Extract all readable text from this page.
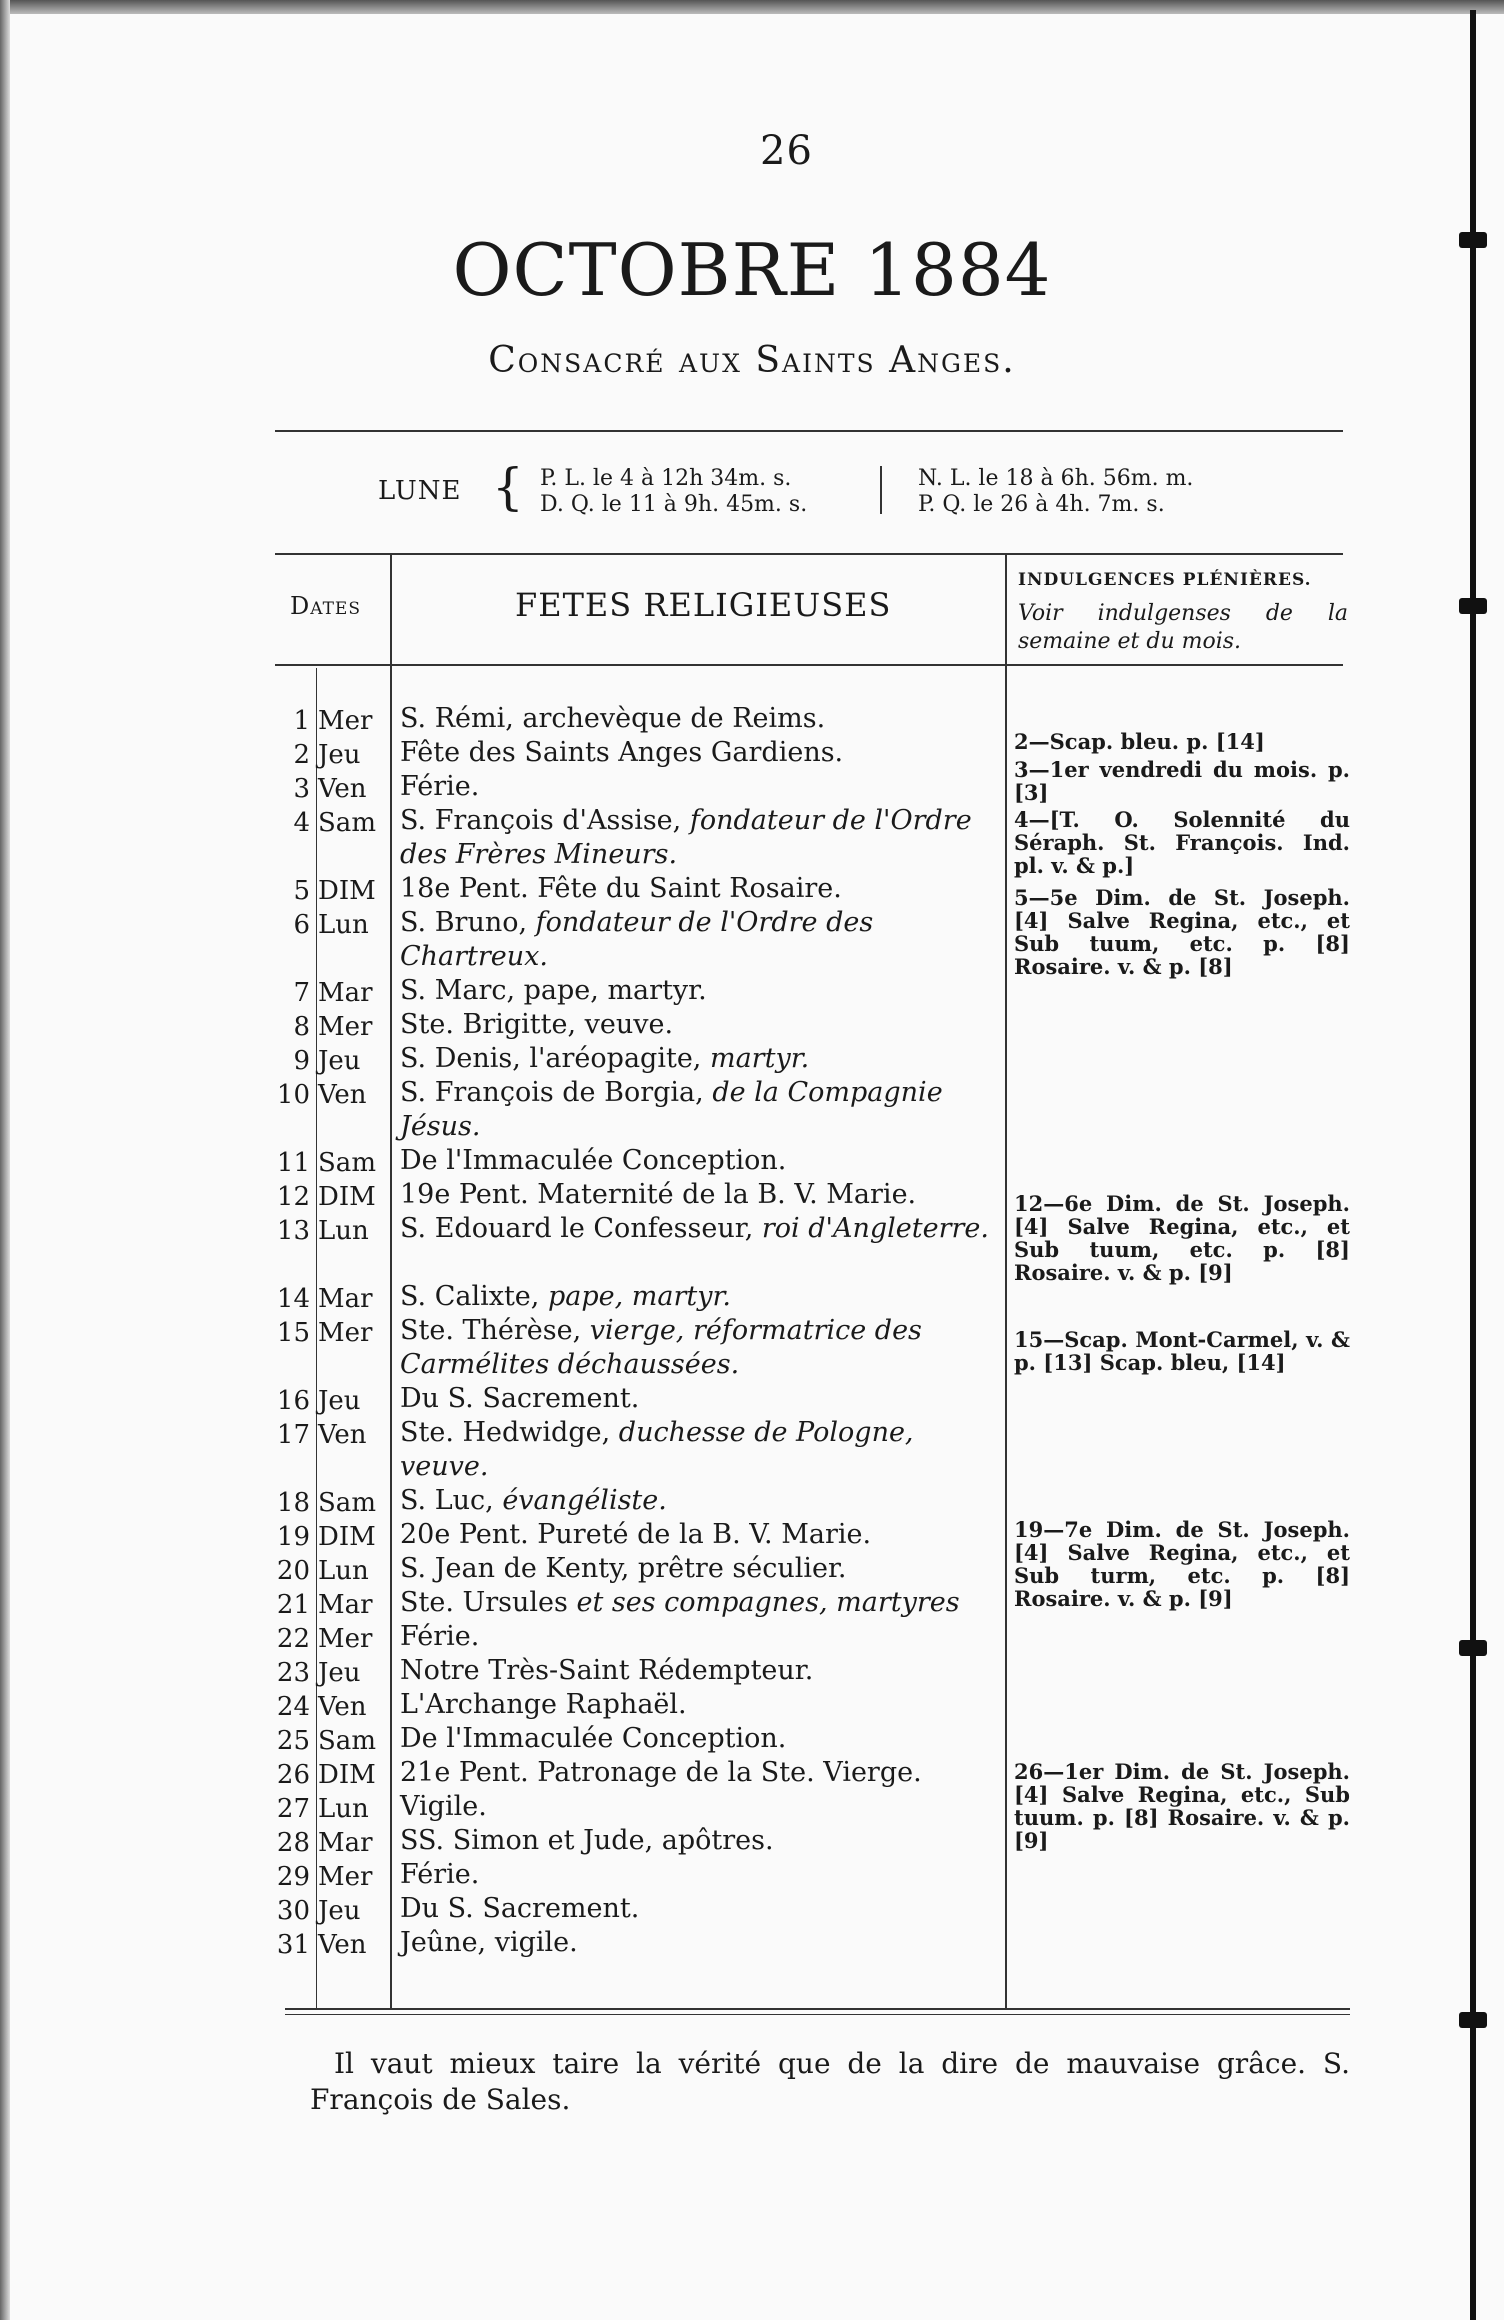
26
OCTOBRE 1884
Consacré aux Saints Anges.
LUNE { P. L. le 4 à 12h 34m. s.
D. Q. le 11 à 9h. 45m. s.
N. L. le 18 à 6h. 56m. m.
P. Q. le 26 à 4h. 7m. s.
Dates	FETES RELIGIEUSES
INDULGENCES PLÉNIÈRES.
Voir indulgenses de la semaine et du mois.
1 Mer S. Rémi, archevèque de Reims.
2 Jeu Fête des Saints Anges Gardiens.
3 Ven Férie.
4 Sam S. François d'Assise, fondateur de l'Ordre des Frères Mineurs.
5 DIM 18e Pent. Fête du Saint Rosaire.
6 Lun S. Bruno, fondateur de l'Ordre des Chartreux.
7 Mar S. Marc, pape, martyr.
8 Mer Ste. Brigitte, veuve.
9 Jeu S. Denis, l'aréopagite, martyr.
10 Ven S. François de Borgia, de la Compagnie Jésus.
11 Sam De l'Immaculée Conception.
12 DIM 19e Pent. Maternité de la B. V. Marie.
13 Lun S. Edouard le Confesseur, roi d'Angleterre.
14 Mar S. Calixte, pape, martyr.
15 Mer Ste. Thérèse, vierge, réformatrice des Carmélites déchaussées.
16 Jeu Du S. Sacrement.
17 Ven Ste. Hedwidge, duchesse de Pologne, veuve.
18 Sam S. Luc, évangéliste.
19 DIM 20e Pent. Pureté de la B. V. Marie.
20 Lun S. Jean de Kenty, prêtre séculier.
21 Mar Ste. Ursules et ses compagnes, martyres
22 Mer Férie.
23 Jeu Notre Très-Saint Rédempteur.
24 Ven L'Archange Raphaël.
25 Sam De l'Immaculée Conception.
26 DIM 21e Pent. Patronage de la Ste. Vierge.
27 Lun Vigile.
28 Mar SS. Simon et Jude, apôtres.
29 Mer Férie.
30 Jeu Du S. Sacrement.
31 Ven Jeûne, vigile.
2—Scap. bleu. p. [14]
3—1er vendredi du mois. p. [3]
4—[T. O. Solennité du Séraph. St. François. Ind. pl. v. & p.]
5—5e Dim. de St. Joseph. [4] Salve Regina, etc., et Sub tuum, etc. p. [8] Rosaire. v. & p. [8]
12—6e Dim. de St. Joseph. [4] Salve Regina, etc., et Sub tuum, etc. p. [8] Rosaire. v. & p. [9]
15—Scap. Mont-Carmel, v. & p. [13] Scap. bleu, [14]
19—7e Dim. de St. Joseph. [4] Salve Regina, etc., et Sub turm, etc. p. [8] Rosaire. v. & p. [9]
26—1er Dim. de St. Joseph. [4] Salve Regina, etc., Sub tuum. p. [8] Rosaire. v. & p. [9]
Il vaut mieux taire la vérité que de la dire de mauvaise grâce. S. François de Sales.
